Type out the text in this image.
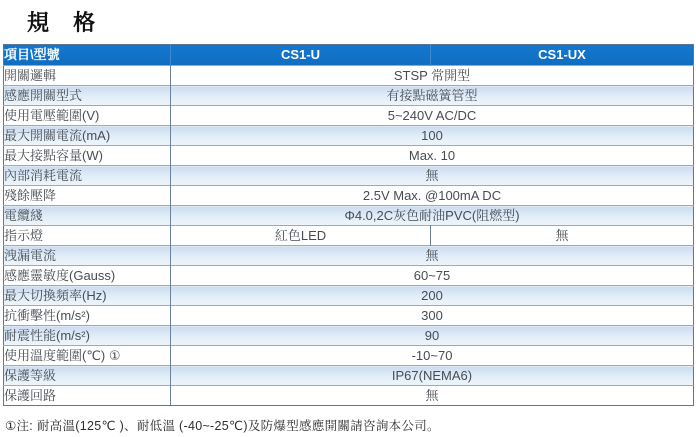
規 格
項目\型號	CS1-U	CS1-UX
開關邏輯	STSP 常開型	
感應開關型式	有接點磁簧管型	
使用電壓範圍(V)	5~240V AC/DC	
最大開關電流(mA)	100	
最大接點容量(W)	Max. 10	
內部消耗電流	無	
殘餘壓降	2.5V Max. @100mA DC	
電纜綫	Φ4.0,2C灰色耐油PVC(阻燃型)	
指示燈	紅色LED	無
洩漏電流	無	
感應靈敏度(Gauss)	60~75	
最大切換頻率(Hz)	200	
抗衝擊性(m/s²)	300	
耐震性能(m/s²)	90	
使用溫度範圍(℃) ①	-10~70	
保護等級	IP67(NEMA6)	
保護回路	無	

①注: 耐高溫(125℃ )、耐低溫 (-40~-25℃)及防爆型感應開關請咨詢本公司。
